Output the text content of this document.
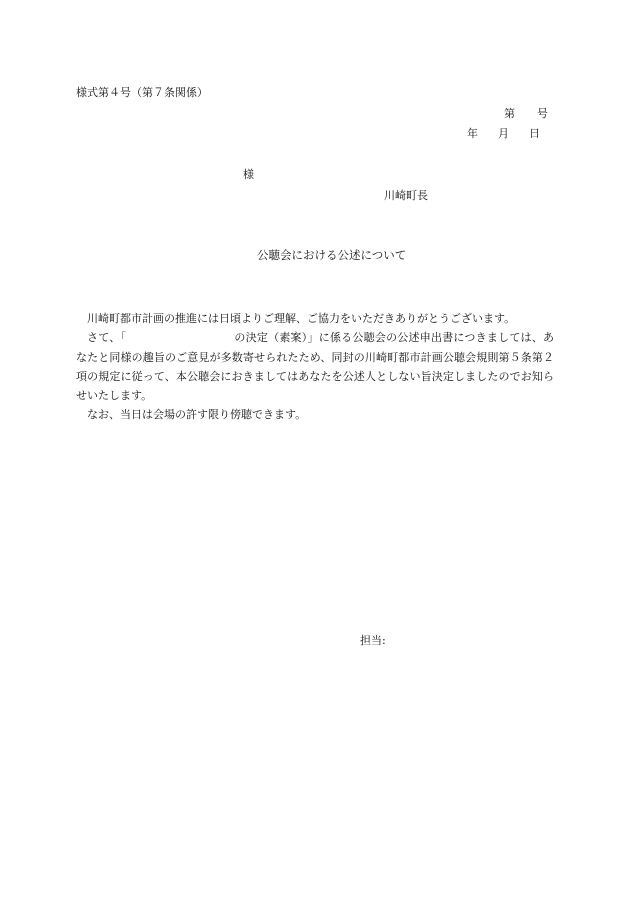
様式第４号（第７条関係）
第 号
年 月 日
様
川崎町長
公聴会における公述について

川崎町都市計画の推進には日頃よりご理解、ご協力をいただきありがとうございます。

さて、「	の決定（素案）」に係る公聴会の公述申出書につきましては、あなたと同様の趣旨のご意見が多数寄せられたため、同封の川崎町都市計画公聴会規則第５条第２項の規定に従って、本公聴会におきましてはあなたを公述人としない旨決定しましたのでお知らせいたします。

なお、当日は会場の許す限り傍聴できます。

担当:
